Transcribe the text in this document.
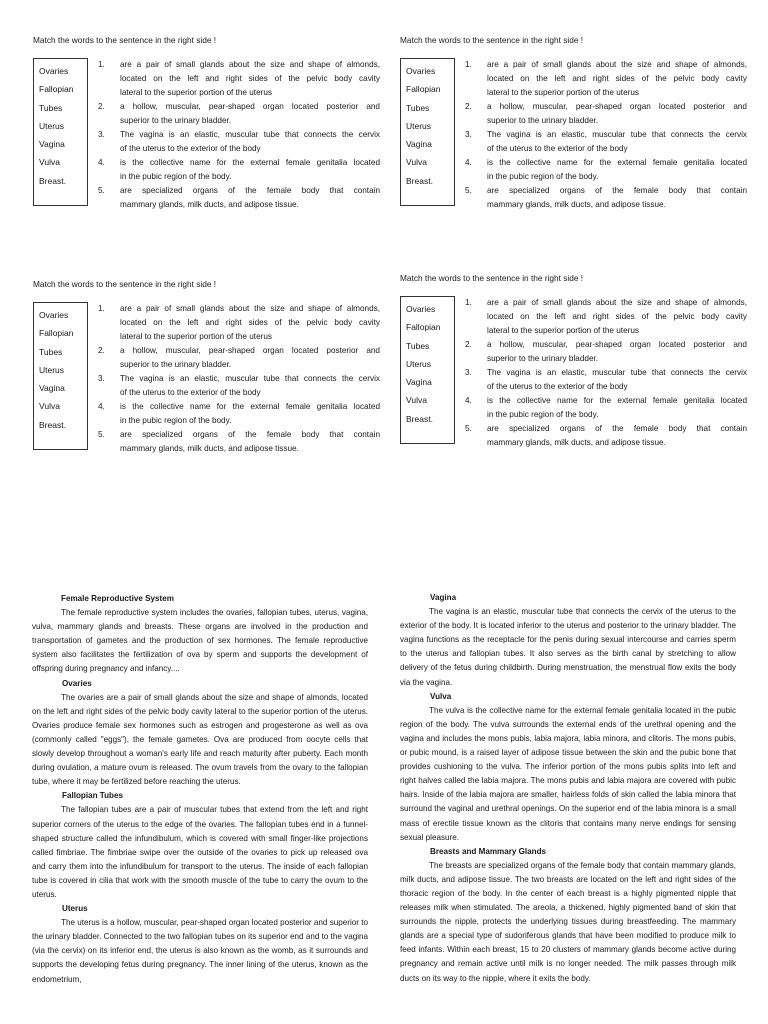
Match the words to the sentence in the right side !
Ovaries
Fallopian
Tubes
Uterus
Vagina
Vulva
Breast.
1.	are a pair of small glands about the size and shape of almonds,
located on the left and right sides of the pelvic body cavity
lateral to the superior portion of the uterus
2.	a hollow, muscular, pear-shaped organ located posterior and
superior to the urinary bladder.
3.	The vagina is an elastic, muscular tube that connects the cervix
of the uterus to the exterior of the body
4.	is the collective name for the external female genitalia located
in the pubic region of the body.
5.	are specialized organs of the female body that contain
mammary glands, milk ducts, and adipose tissue.
Match the words to the sentence in the right side !
Ovaries
Fallopian
Tubes
Uterus
Vagina
Vulva
Breast.
1.	are a pair of small glands about the size and shape of almonds,
located on the left and right sides of the pelvic body cavity
lateral to the superior portion of the uterus
2.	a hollow, muscular, pear-shaped organ located posterior and
superior to the urinary bladder.
3.	The vagina is an elastic, muscular tube that connects the cervix
of the uterus to the exterior of the body
4.	is the collective name for the external female genitalia located
in the pubic region of the body.
5.	are specialized organs of the female body that contain
mammary glands, milk ducts, and adipose tissue.
Match the words to the sentence in the right side !
Ovaries
Fallopian
Tubes
Uterus
Vagina
Vulva
Breast.
1.	are a pair of small glands about the size and shape of almonds,
located on the left and right sides of the pelvic body cavity
lateral to the superior portion of the uterus
2.	a hollow, muscular, pear-shaped organ located posterior and
superior to the urinary bladder.
3.	The vagina is an elastic, muscular tube that connects the cervix
of the uterus to the exterior of the body
4.	is the collective name for the external female genitalia located
in the pubic region of the body.
5.	are specialized organs of the female body that contain
mammary glands, milk ducts, and adipose tissue.
Match the words to the sentence in the right side !
Ovaries
Fallopian
Tubes
Uterus
Vagina
Vulva
Breast.
1.	are a pair of small glands about the size and shape of almonds,
located on the left and right sides of the pelvic body cavity
lateral to the superior portion of the uterus
2.	a hollow, muscular, pear-shaped organ located posterior and
superior to the urinary bladder.
3.	The vagina is an elastic, muscular tube that connects the cervix
of the uterus to the exterior of the body
4.	is the collective name for the external female genitalia located
in the pubic region of the body.
5.	are specialized organs of the female body that contain
mammary glands, milk ducts, and adipose tissue.
Female Reproductive System

The female reproductive system includes the ovaries, fallopian tubes, uterus, vagina, vulva, mammary glands and breasts. These organs are involved in the production and transportation of gametes and the production of sex hormones. The female reproductive system also facilitates the fertilization of ova by sperm and supports the development of offspring during pregnancy and infancy....

Ovaries

The ovaries are a pair of small glands about the size and shape of almonds, located on the left and right sides of the pelvic body cavity lateral to the superior portion of the uterus. Ovaries produce female sex hormones such as estrogen and progesterone as well as ova (commonly called "eggs"), the female gametes. Ova are produced from oocyte cells that slowly develop throughout a woman's early life and reach maturity after puberty. Each month during ovulation, a mature ovum is released. The ovum travels from the ovary to the fallopian tube, where it may be fertilized before reaching the uterus.

Fallopian Tubes

The fallopian tubes are a pair of muscular tubes that extend from the left and right superior corners of the uterus to the edge of the ovaries. The fallopian tubes end in a funnel-shaped structure called the infundibulum, which is covered with small finger-like projections called fimbriae. The fimbriae swipe over the outside of the ovaries to pick up released ova and carry them into the infundibulum for transport to the uterus. The inside of each fallopian tube is covered in cilia that work with the smooth muscle of the tube to carry the ovum to the uterus.

Uterus

The uterus is a hollow, muscular, pear-shaped organ located posterior and superior to the urinary bladder. Connected to the two fallopian tubes on its superior end and to the vagina (via the cervix) on its inferior end, the uterus is also known as the womb, as it surrounds and supports the developing fetus during pregnancy. The inner lining of the uterus, known as the endometrium,

Vagina

The vagina is an elastic, muscular tube that connects the cervix of the uterus to the exterior of the body. It is located inferior to the uterus and posterior to the urinary bladder. The vagina functions as the receptacle for the penis during sexual intercourse and carries sperm to the uterus and fallopian tubes. It also serves as the birth canal by stretching to allow delivery of the fetus during childbirth. During menstruation, the menstrual flow exits the body via the vagina.

Vulva

The vulva is the collective name for the external female genitalia located in the pubic region of the body. The vulva surrounds the external ends of the urethral opening and the vagina and includes the mons pubis, labia majora, labia minora, and clitoris. The mons pubis, or pubic mound, is a raised layer of adipose tissue between the skin and the pubic bone that provides cushioning to the vulva. The inferior portion of the mons pubis splits into left and right halves called the labia majora. The mons pubis and labia majora are covered with pubic hairs. Inside of the labia majora are smaller, hairless folds of skin called the labia minora that surround the vaginal and urethral openings. On the superior end of the labia minora is a small mass of erectile tissue known as the clitoris that contains many nerve endings for sensing sexual pleasure.

Breasts and Mammary Glands

The breasts are specialized organs of the female body that contain mammary glands, milk ducts, and adipose tissue. The two breasts are located on the left and right sides of the thoracic region of the body. In the center of each breast is a highly pigmented nipple that releases milk when stimulated. The areola, a thickened, highly pigmented band of skin that surrounds the nipple, protects the underlying tissues during breastfeeding. The mammary glands are a special type of sudoriferous glands that have been modified to produce milk to feed infants. Within each breast, 15 to 20 clusters of mammary glands become active during pregnancy and remain active until milk is no longer needed. The milk passes through milk ducts on its way to the nipple, where it exits the body.
